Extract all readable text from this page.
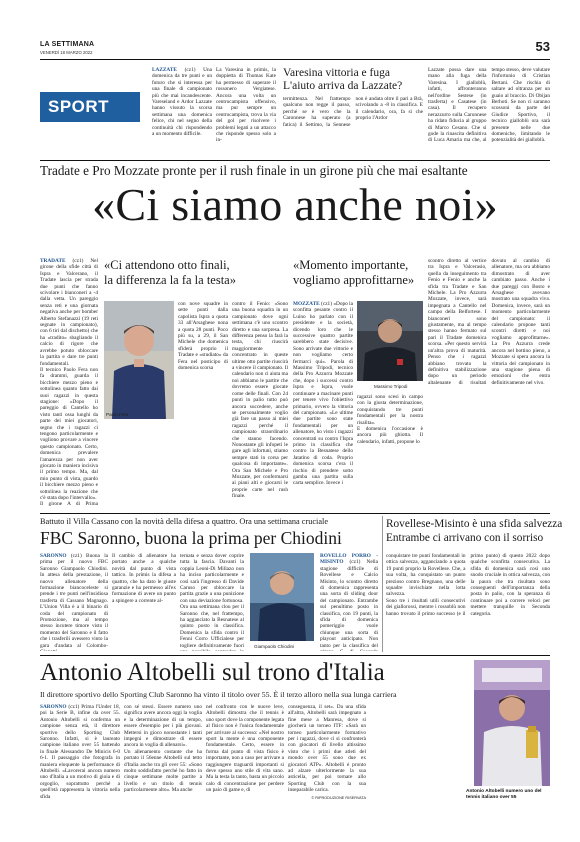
LA SETTIMANA
VENERDÌ 18 MARZO 2022	53
SPORT
LAZZATE (cz1) Una domenica da tre punti e un futuro che si interessa per una finale di campionato più che mai incandescente. Vareseland e Ardor Lazzate hanno vissuto la scorsa settimana una domenica felice, chi nel segno della continuità chi rispondendo a un momento difficile.
La Varesina in primis, la doppietta di Thomas Kate ha permesso di superare il rossonero Vergiatese. Ancora una volta un centrocampista offensivo, ma pur sempre un centrocampista, trova la via del gol per risolvere i problemi legati a un attacco che risponde spesso solo a in-
Varesina vittoria e fuga
L'aiuto arriva da Lazzate?
termittenza. Nel frattempo qualcuno non regge il passo, perché se è vero che la Caronnese ha superato (a fatica) il Settimo, la Sennese non è andata oltre il pari a Brà, scivolando a -8 in classifica. E il calendario, ora, fa sì che proprio l'Ardor
Lazzate possa dare una mano alla fuga della Varesina. I gialloblù, infatti, affronteranno nell'ordine Sestese (in trasferta) e Casatese (in casa). Il recupero nerazzurro sulla Caronnese ha ridato fiducia al gruppo di Marco Cesano. Che si gode la rinascita definitiva di Luca Amaria ma che, al tempo stesso, deve valutare l'infortunio di Cristian Bertani. Che rischia di saltare ad oltranza per un guaio al braccio. Di Obijan Berhoti. Se non ci saranno scossoni da parte del Giudice Sportivo, il tecnico gialloblù ora sarà presente nelle due domeniche, limitando le potenzialità dei gialloblù.
Tradate e Pro Mozzate pronte per il rush finale in un girone più che mai esaltante
«Ci siamo anche noi»
TRADATE (cz1) Nel girone della sfide città di Ispra e Valcerano, il Tradate lascia per strada due punti che fanno scivolare i bianconeri a -4 dalla vetta. Un pareggio senza reti e una giornata negativa anche per bomber Alberto Stefanazzi (19 reti segnate in campionato), con 6 tiri dal dischetto) che ha «tradito» sbagliando il calcio di rigore che avrebbe potuto sbloccare la partita e dare tre punti fondamentali.
Il tecnico Paolo Fera non fa drammi, guarda il bicchiere mezzo pieno e sottolinea quanto fatto dai suoi ragazzi in questa stagione: «Dopo il pareggio di Cantello ho visto tanti ossa lunghi da parte dei miei giocatori, segno che i ragazzi ci tengono particolarmente e vogliono provare a vincere questo campionato. Certo, domenica prevalere l'amarezza per non aver giocato in maniera incisiva il primo tempo. Ma, dal mio punto di vista, guardo il bicchiere mezzo pieno e sottolinea la reazione che c'è stata dopo l'intervallo».
Il girone A di Prima
«Ci attendono otto finali,
la differenza la fa la testa»
Paolo Fera
con nove squadre in sette punti dalla capolista Ispra a quota 33 all'Arsaghese nona a quota 28 punti. Poco più su, a 29, il San Michele che domenica sfiderà proprio il Tradate e «studiato» da Fera nel posticipo di domenica scorsa
contro il Fenio: «Sono una buona squadra in un campionato dove ogni settimana c'è uno scontro diretto e una sorpresa. La differenza penso la farà la testa, chi riuscirà maggiormente concentrato in queste ultime otto partite riuscirà a vincere il campionato. Il calendario non ci aiuta ma noi abbiamo le partite che dovremo essere giocate come delle finali. Con 24 punti in palio tutto può ancora succedere, anche se personalmente voglio già fare un passo ai miei ragazzi perché il campionato straordinario che stanno facendo. Nonostante gli infopeti le gare agli infortuni, stiamo sempre stati in corsa per qualcosa di importante». Ora San Michele e Pro Mozzate, per confermarsi ai piani alti e giocarsi le proprie carte nel rush finale.
«Momento importante,
vogliamo approfittarne»
MOZZATE (cz1) «Dopo la sconfitta pesante contro il Luino ho parlato con il presidente e la società, dicendo loro che le successive quattro partite sarebbero state decisive. Sono arrivate due vittorie e non vogliamo certo fermarci qui». Parola di Massimo Tripodi, tecnico della Pro Azzurra Mozzate che, dopo i successi contro Ispra e Ispra, vuole continuare a macinare punti per tenere vivo l'obiettivo primario, ovvero la vittoria del campionato. «Le ultime due partite sono state fondamentali per un allenatore, ho visto i ragazzi concentrati su contro l'Ispra primo in classifica che contro la Besnatese dello Jatatino di coda. Proprio domenica scorsa c'era il rischio di prendere sotto gamba una partita sulla carta semplice. Invece i
Massimo Tripodi
ragazzi sono scesi in campo con la giusta determinazione, conquistando tre punti fondamentali per la nostra risalita».
E domenica l'occasione è ancora più ghiotta. Il calendario, infatti, propone lo
scontro diretto al vertice tra Ispra e Valcerasio, quella da inseguimento tra Fenio e Fenio e anche la sfida tra Tradate e San Michele. La Pro Azzurra Mozzate, invece, sarà impegnata a Cantello nel campo della Belfortese. I bianconeri sono giustamente, ma al tempo stesso hanno fermato sul pari il Tradate domenica scorsa. «Per questo servirà un'altra prova di maturità. Penso che i ragazzi abbiano trovato la definitiva stabilizzazione dopo un periodo altalenante di risultati dovuto al cambio di allenatore, ma ora abbiamo dimostrato di aver cambiato passo. Anche i due pareggi con Bosto e Arsaghese avevano mostrato una squadra viva. Domenica, invece, sarà un momento particolarmente del campionato: il calendario propone tanti scontri diretti e noi vogliamo approfittarne». La Pro Azzurra crede ancora nel bottino pieno, a Mozzate si spera ancora la vittoria del campionato in una stagione piena di emozioni che entra definitivamente nel vivo.
Battuto il Villa Cassano con la novità della difesa a quattro. Ora una settimana cruciale
FBC Saronno, buona la prima per Chiodini
SARONNO (cz1) Buona la prima per il nuovo FBC Saronno Giampaolo Chiodini. In attesa della prestazione, il nuovo allenatore della formazione biancoceleste si prende i tre punti nell'insidiosa trasferta di Cassano Magnago. L'Union Villa è a il binario di coda del campionato di Promozione, ma al tempo stesso incutere timore visto il momento del Saronno e il fatto che i trasferili avessero vinto la gara d'andata al Colombo-
Il cambio di allenatore ha portato anche a qualche novità dal punto di vista tattico. In primis la difesa a quattro, che ha dato le giuste garanzie e ha permesso all'ex formazione di avere un punto a spingere a corrente al-
ternata e senza dover coprire tutta la fascia. Davanti la coppia Leoni-Di Millazo non ha inciso particolarmente e così sarà l'ingresso di Davide Caruso per sbloccare la partita grazie a una punizione con una deviazione fortunosa.
Ora una settimana clou per il Saronno che, nel frattempo, ha agganciato la Besnatese al quinto posto in classifica. Domenica la sfida contro il Fenni Corro Ufficialese per togliere definitivamente fuori Giampaolo Chiodini
Rovellese-Misinto è una sfida salvezza
Entrambe ci arrivano con il sorriso
ROVELLO PORRO - MISINTO (cz1) Nella stagione difficile di Rovellese e Calcio Misinto, lo scontro diretto di domenica rappresenta una sorta di sliding door del campionato. Entrambe sul penultimo posto in classifica, con 19 punti, la sfida di domenica pomeriggio vuole chiunque una sorta di playout anticipato. Non tanto per la classifica del
conquistare tre punti fondamentali in ottica salvezza, agganciando a quota 19 punti proprio la Rovellese. Che, a sua volta, ha conquistato un punto prezioso contro Bregnano, una delle squadre invischiate nella lotta salvezza.
Sono tre i risultati utili consecutivi dei giallorossi, mentre i rossoblù non hanno trovato il primo successo (e il primo punto) di questo 2022 dopo qualche sconfitta consecutiva. La sfida di domenica sarà così uno snodo cruciale in ottica salvezza, con la paura che tra risultato sono conseguenti dell'importanza della posta in palio, con la speranza di continuare poi a correre veloci per mettere tranquille in Seconda categoria.
Antonio Altobelli sul trono d'Italia
Il direttore sportivo dello Sporting Club Saronno ha vinto il titolo over 55. È il terzo alloro nella sua lunga carriera
SARONNO (cz1) Prima l'Under 18, poi la Serie B, infine da over 55. Antonio Altobelli si conferma un campione senza età, il direttore sportivo dello Sporting Club Saronno. Infatti, si è laureato campione italiano over 55 battendo in finale Alessandro De Minicis 6-0 6-1. Il passaggio che fotografa in maniera eloquente la performance di Altobelli. «Lavorerai ancora numero uno d'Italia a un motivo di gioia e di orgoglio, soprattutto perché a quell'età rappresenta la vittoria nella sfida
con sé stessi. Essere numero uno significa avere ancora oggi la voglia e la determinazione di un tempo, essere d'esempio per i più giovani. Mettersi in gioco nonostante i tanti impegni e dimostrare di essere ancora in voglia di allenarsi».
Un allenamento costante che ha portato il 56enne Altobelli sul tetto d'Italia anche tra gli over 55: «Sono molto soddisfatto perché ho fatto in cinque settimane molte partite a livello e un titolo di tennis particolarmente alto». Ma anche
nel confronto con le nuove leve, Altobelli dimostra che il tennis è uno sport dove la componente legata al fisico non è l'unica fondamentale per arrivare al successo: «Nel nostro sport la mente è una componente fondamentale. Certo, essere in forma dal punto di vista fisico è importante, non a caso per arrivare a raggiungere traguardi importanti si deve spesso uno stile di vita sano. Ma la testa la tanto, basta un piccolo calo di concentrazione per perdere un paio di game e, di
conseguenza, il set». Da una sfida all'altra, Altobelli sarà impegnato a fine mese a Manresa, dove si giocherà un torneo ITF: «Sarà un torneo particolarmente formativo per i ragazzi, dove ci si confronterà con giocatori di livello altissimo visto che i primi due atleti del mondo over 55 sono due ex giocatori ATP». Altobelli è pronto ad alzare ulteriormente la sua asticella, per poi tornare allo Sporting Club con la sua inseparabile carica.
© RIPRODUZIONE RISERVATA
Antonio Altobelli numero uno del tennis italiano over 55
